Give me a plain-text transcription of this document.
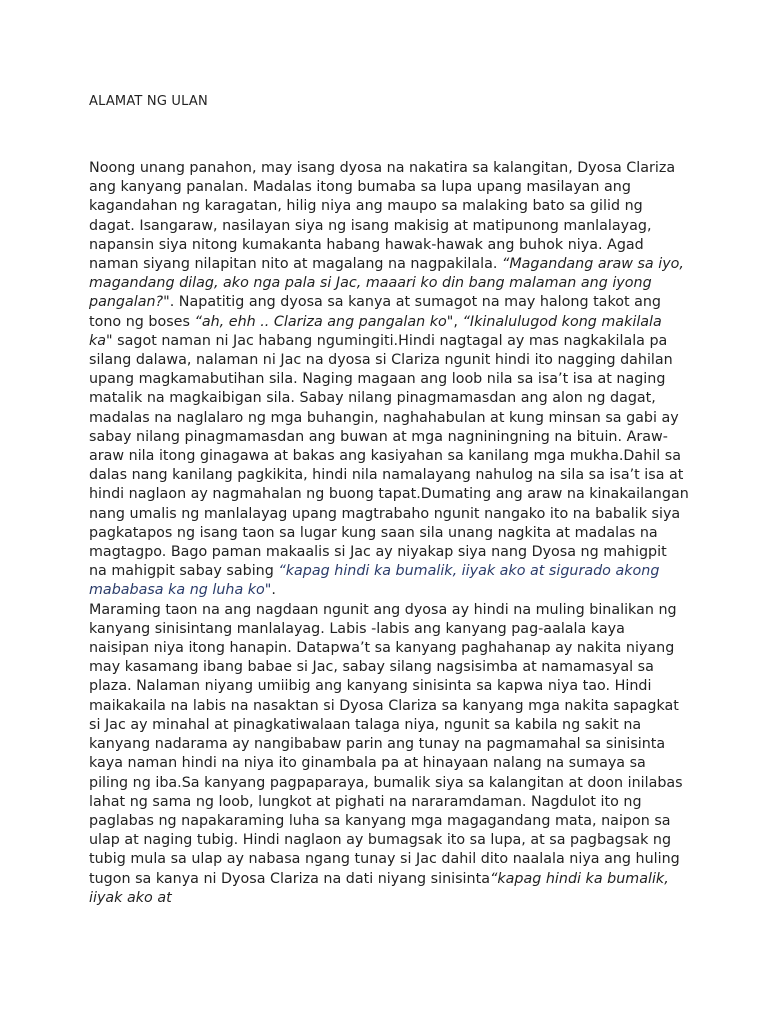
ALAMAT NG ULAN

Noong unang panahon, may isang dyosa na nakatira sa kalangitan, Dyosa Clariza ang kanyang panalan. Madalas itong bumaba sa lupa upang masilayan ang kagandahan ng karagatan, hilig niya ang maupo sa malaking bato sa gilid ng dagat. Isangaraw, nasilayan siya ng isang makisig at matipunong manlalayag, napansin siya nitong kumakanta habang hawak-hawak ang buhok niya. Agad naman siyang nilapitan nito at magalang na nagpakilala. “Magandang araw sa iyo, magandang dilag, ako nga pala si Jac, maaari ko din bang malaman ang iyong pangalan?". Napatitig ang dyosa sa kanya at sumagot na may halong takot ang tono ng boses “ah, ehh .. Clariza ang pangalan ko", “Ikinalulugod kong makilala ka" sagot naman ni Jac habang ngumingiti.Hindi nagtagal ay mas nagkakilala pa silang dalawa, nalaman ni Jac na dyosa si Clariza ngunit hindi ito nagging dahilan upang magkamabutihan sila. Naging magaan ang loob nila sa isa’t isa at naging matalik na magkaibigan sila. Sabay nilang pinagmamasdan ang alon ng dagat, madalas na naglalaro ng mga buhangin, naghahabulan at kung minsan sa gabi ay sabay nilang pinagmamasdan ang buwan at mga nagniningning na bituin. Araw-araw nila itong ginagawa at bakas ang kasiyahan sa kanilang mga mukha.Dahil sa dalas nang kanilang pagkikita, hindi nila namalayang nahulog na sila sa isa’t isa at hindi naglaon ay nagmahalan ng buong tapat.Dumating ang araw na kinakailangan nang umalis ng manlalayag upang magtrabaho ngunit nangako ito na babalik siya pagkatapos ng isang taon sa lugar kung saan sila unang nagkita at madalas na magtagpo. Bago paman makaalis si Jac ay niyakap siya nang Dyosa ng mahigpit na mahigpit sabay sabing “kapag hindi ka bumalik, iiyak ako at sigurado akong mababasa ka ng luha ko".

Maraming taon na ang nagdaan ngunit ang dyosa ay hindi na muling binalikan ng kanyang sinisintang manlalayag. Labis -labis ang kanyang pag-aalala kaya naisipan niya itong hanapin. Datapwa’t sa kanyang paghahanap ay nakita niyang may kasamang ibang babae si Jac, sabay silang nagsisimba at namamasyal sa plaza. Nalaman niyang umiibig ang kanyang sinisinta sa kapwa niya tao. Hindi maikakaila na labis na nasaktan si Dyosa Clariza sa kanyang mga nakita sapagkat si Jac ay minahal at pinagkatiwalaan talaga niya, ngunit sa kabila ng sakit na kanyang nadarama ay nangibabaw parin ang tunay na pagmamahal sa sinisinta kaya naman hindi na niya ito ginambala pa at hinayaan nalang na sumaya sa piling ng iba.Sa kanyang pagpaparaya, bumalik siya sa kalangitan at doon inilabas lahat ng sama ng loob, lungkot at pighati na nararamdaman. Nagdulot ito ng paglabas ng napakaraming luha sa kanyang mga magagandang mata, naipon sa ulap at naging tubig. Hindi naglaon ay bumagsak ito sa lupa, at sa pagbagsak ng tubig mula sa ulap ay nabasa ngang tunay si Jac dahil dito naalala niya ang huling tugon sa kanya ni Dyosa Clariza na dati niyang sinisinta“kapag hindi ka bumalik, iiyak ako at
